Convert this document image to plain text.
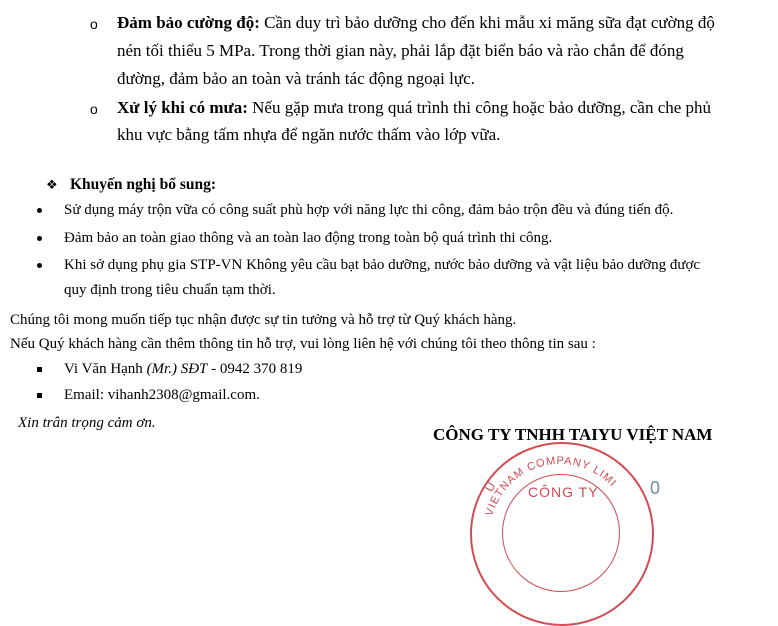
o Đảm bảo cường độ: Cần duy trì bảo dưỡng cho đến khi mẫu xi măng sữa đạt cường độ
nén tối thiểu 5 MPa. Trong thời gian này, phải lắp đặt biển báo và rào chắn để đóng
đường, đảm bảo an toàn và tránh tác động ngoại lực.
o Xử lý khi có mưa: Nếu gặp mưa trong quá trình thi công hoặc bảo dưỡng, cần che phủ
khu vực bằng tấm nhựa để ngăn nước thấm vào lớp vữa.
❖ Khuyến nghị bổ sung:
Sử dụng máy trộn vữa có công suất phù hợp với năng lực thi công, đảm bảo trộn đều và đúng tiến độ.
Đảm bảo an toàn giao thông và an toàn lao động trong toàn bộ quá trình thi công.
Khi sở dụng phụ gia STP-VN Không yêu cầu bạt bảo dưỡng, nước bảo dưỡng và vật liệu bảo dưỡng được
quy định trong tiêu chuẩn tạm thời.
Chúng tôi mong muốn tiếp tục nhận được sự tin tưởng và hỗ trợ từ Quý khách hàng.
Nếu Quý khách hàng cần thêm thông tin hỗ trợ, vui lòng liên hệ với chúng tôi theo thông tin sau :
Vi Văn Hạnh (Mr.) SĐT - 0942 370 819
Email: vihanh2308@gmail.com.
Xin trân trọng cảm ơn.
CÔNG TY TNHH TAIYU VIỆT NAM
VIETNAM COMPANY LIMI
CÔNG TY
U	0
